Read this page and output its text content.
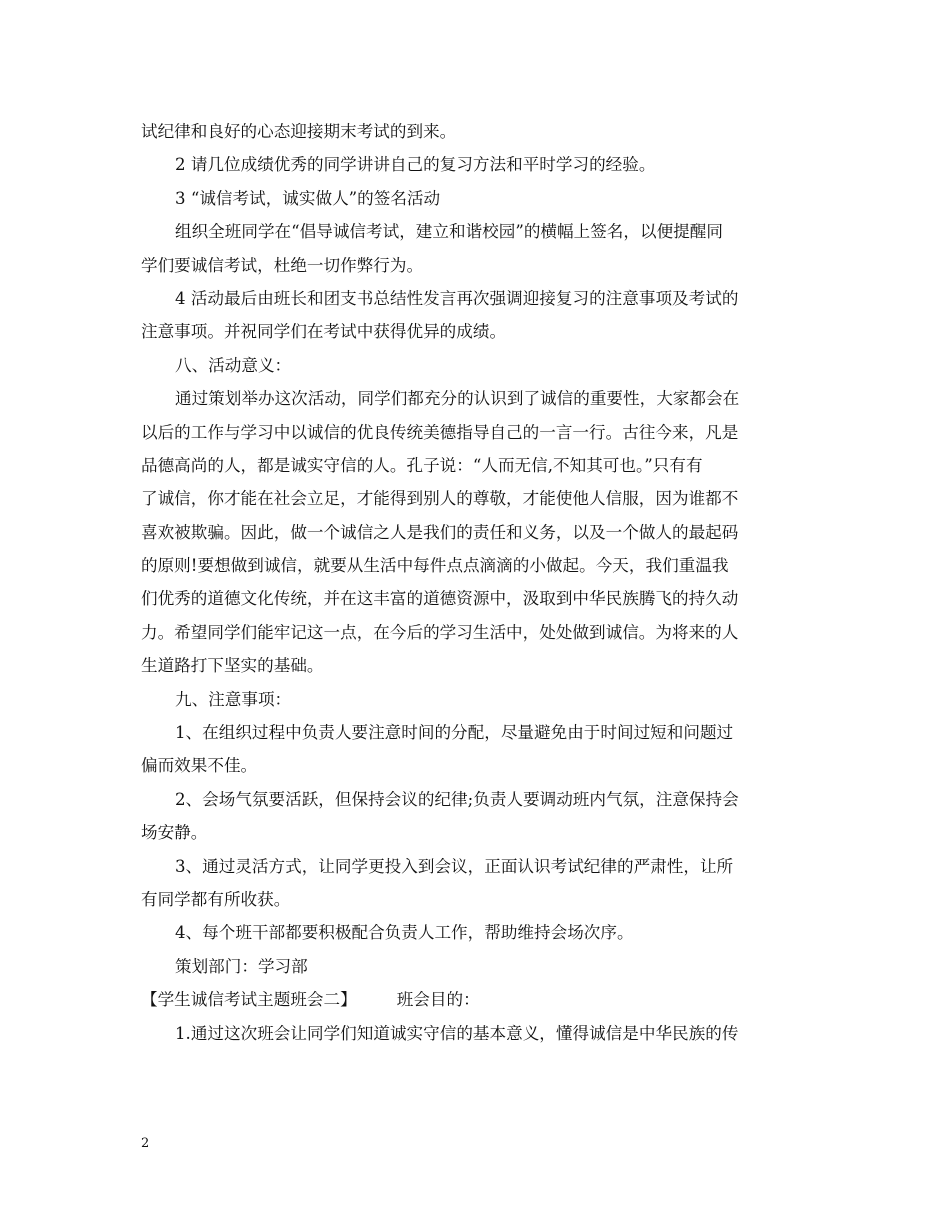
试纪律和良好的心态迎接期末考试的到来。
2 请几位成绩优秀的同学讲讲自己的复习方法和平时学习的经验。
3 “诚信考试，诚实做人”的签名活动
组织全班同学在“倡导诚信考试，建立和谐校园”的横幅上签名，以便提醒同
学们要诚信考试，杜绝一切作弊行为。
4 活动最后由班长和团支书总结性发言再次强调迎接复习的注意事项及考试的
注意事项。并祝同学们在考试中获得优异的成绩。
八、活动意义：
通过策划举办这次活动，同学们都充分的认识到了诚信的重要性，大家都会在
以后的工作与学习中以诚信的优良传统美德指导自己的一言一行。古往今来，凡是
品德高尚的人，都是诚实守信的人。孔子说：“人而无信,不知其可也。”只有有
了诚信，你才能在社会立足，才能得到别人的尊敬，才能使他人信服，因为谁都不
喜欢被欺骗。因此，做一个诚信之人是我们的责任和义务，以及一个做人的最起码
的原则!要想做到诚信，就要从生活中每件点点滴滴的小做起。今天，我们重温我
们优秀的道德文化传统，并在这丰富的道德资源中，汲取到中华民族腾飞的持久动
力。希望同学们能牢记这一点，在今后的学习生活中，处处做到诚信。为将来的人
生道路打下坚实的基础。
九、注意事项：
1、在组织过程中负责人要注意时间的分配，尽量避免由于时间过短和问题过
偏而效果不佳。
2、会场气氛要活跃，但保持会议的纪律;负责人要调动班内气氛，注意保持会
场安静。
3、通过灵活方式，让同学更投入到会议，正面认识考试纪律的严肃性，让所
有同学都有所收获。
4、每个班干部都要积极配合负责人工作，帮助维持会场次序。
策划部门：学习部
【学生诚信考试主题班会二】 班会目的：
1.通过这次班会让同学们知道诚实守信的基本意义，懂得诚信是中华民族的传
2
